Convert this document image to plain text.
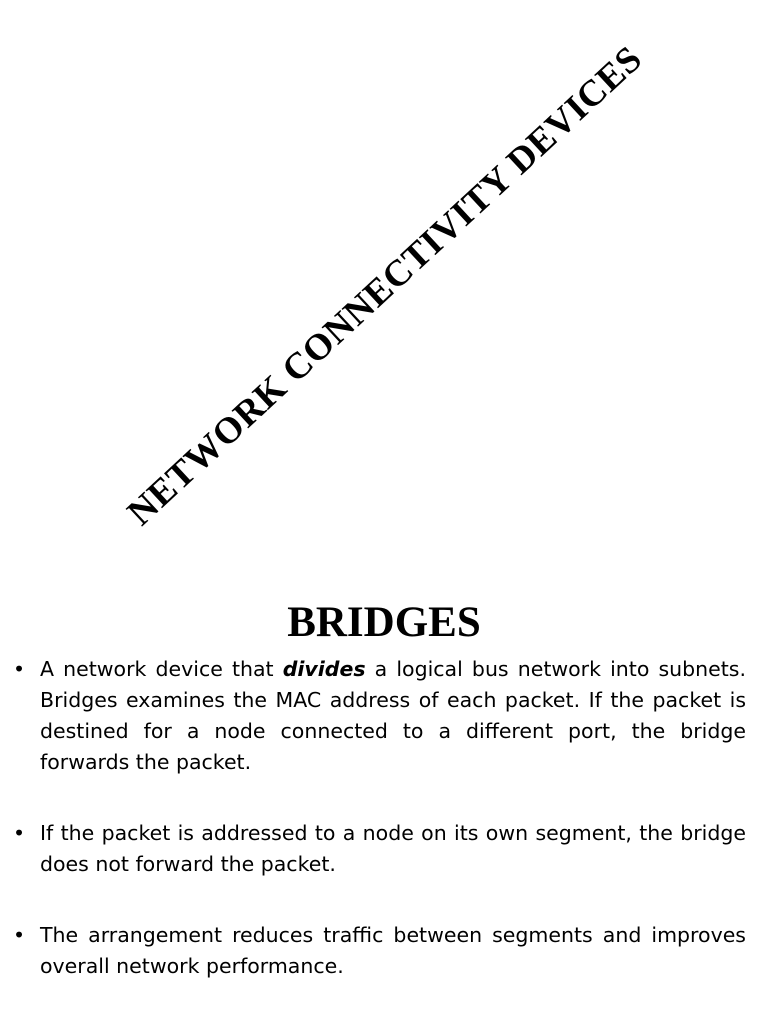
NETWORK CONNECTIVITY DEVICES
BRIDGES
• A network device that divides a logical bus network into subnets. Bridges examines the MAC address of each packet. If the packet is destined for a node connected to a different port, the bridge forwards the packet.
• If the packet is addressed to a node on its own segment, the bridge does not forward the packet.
• The arrangement reduces traffic between segments and improves overall network performance.
